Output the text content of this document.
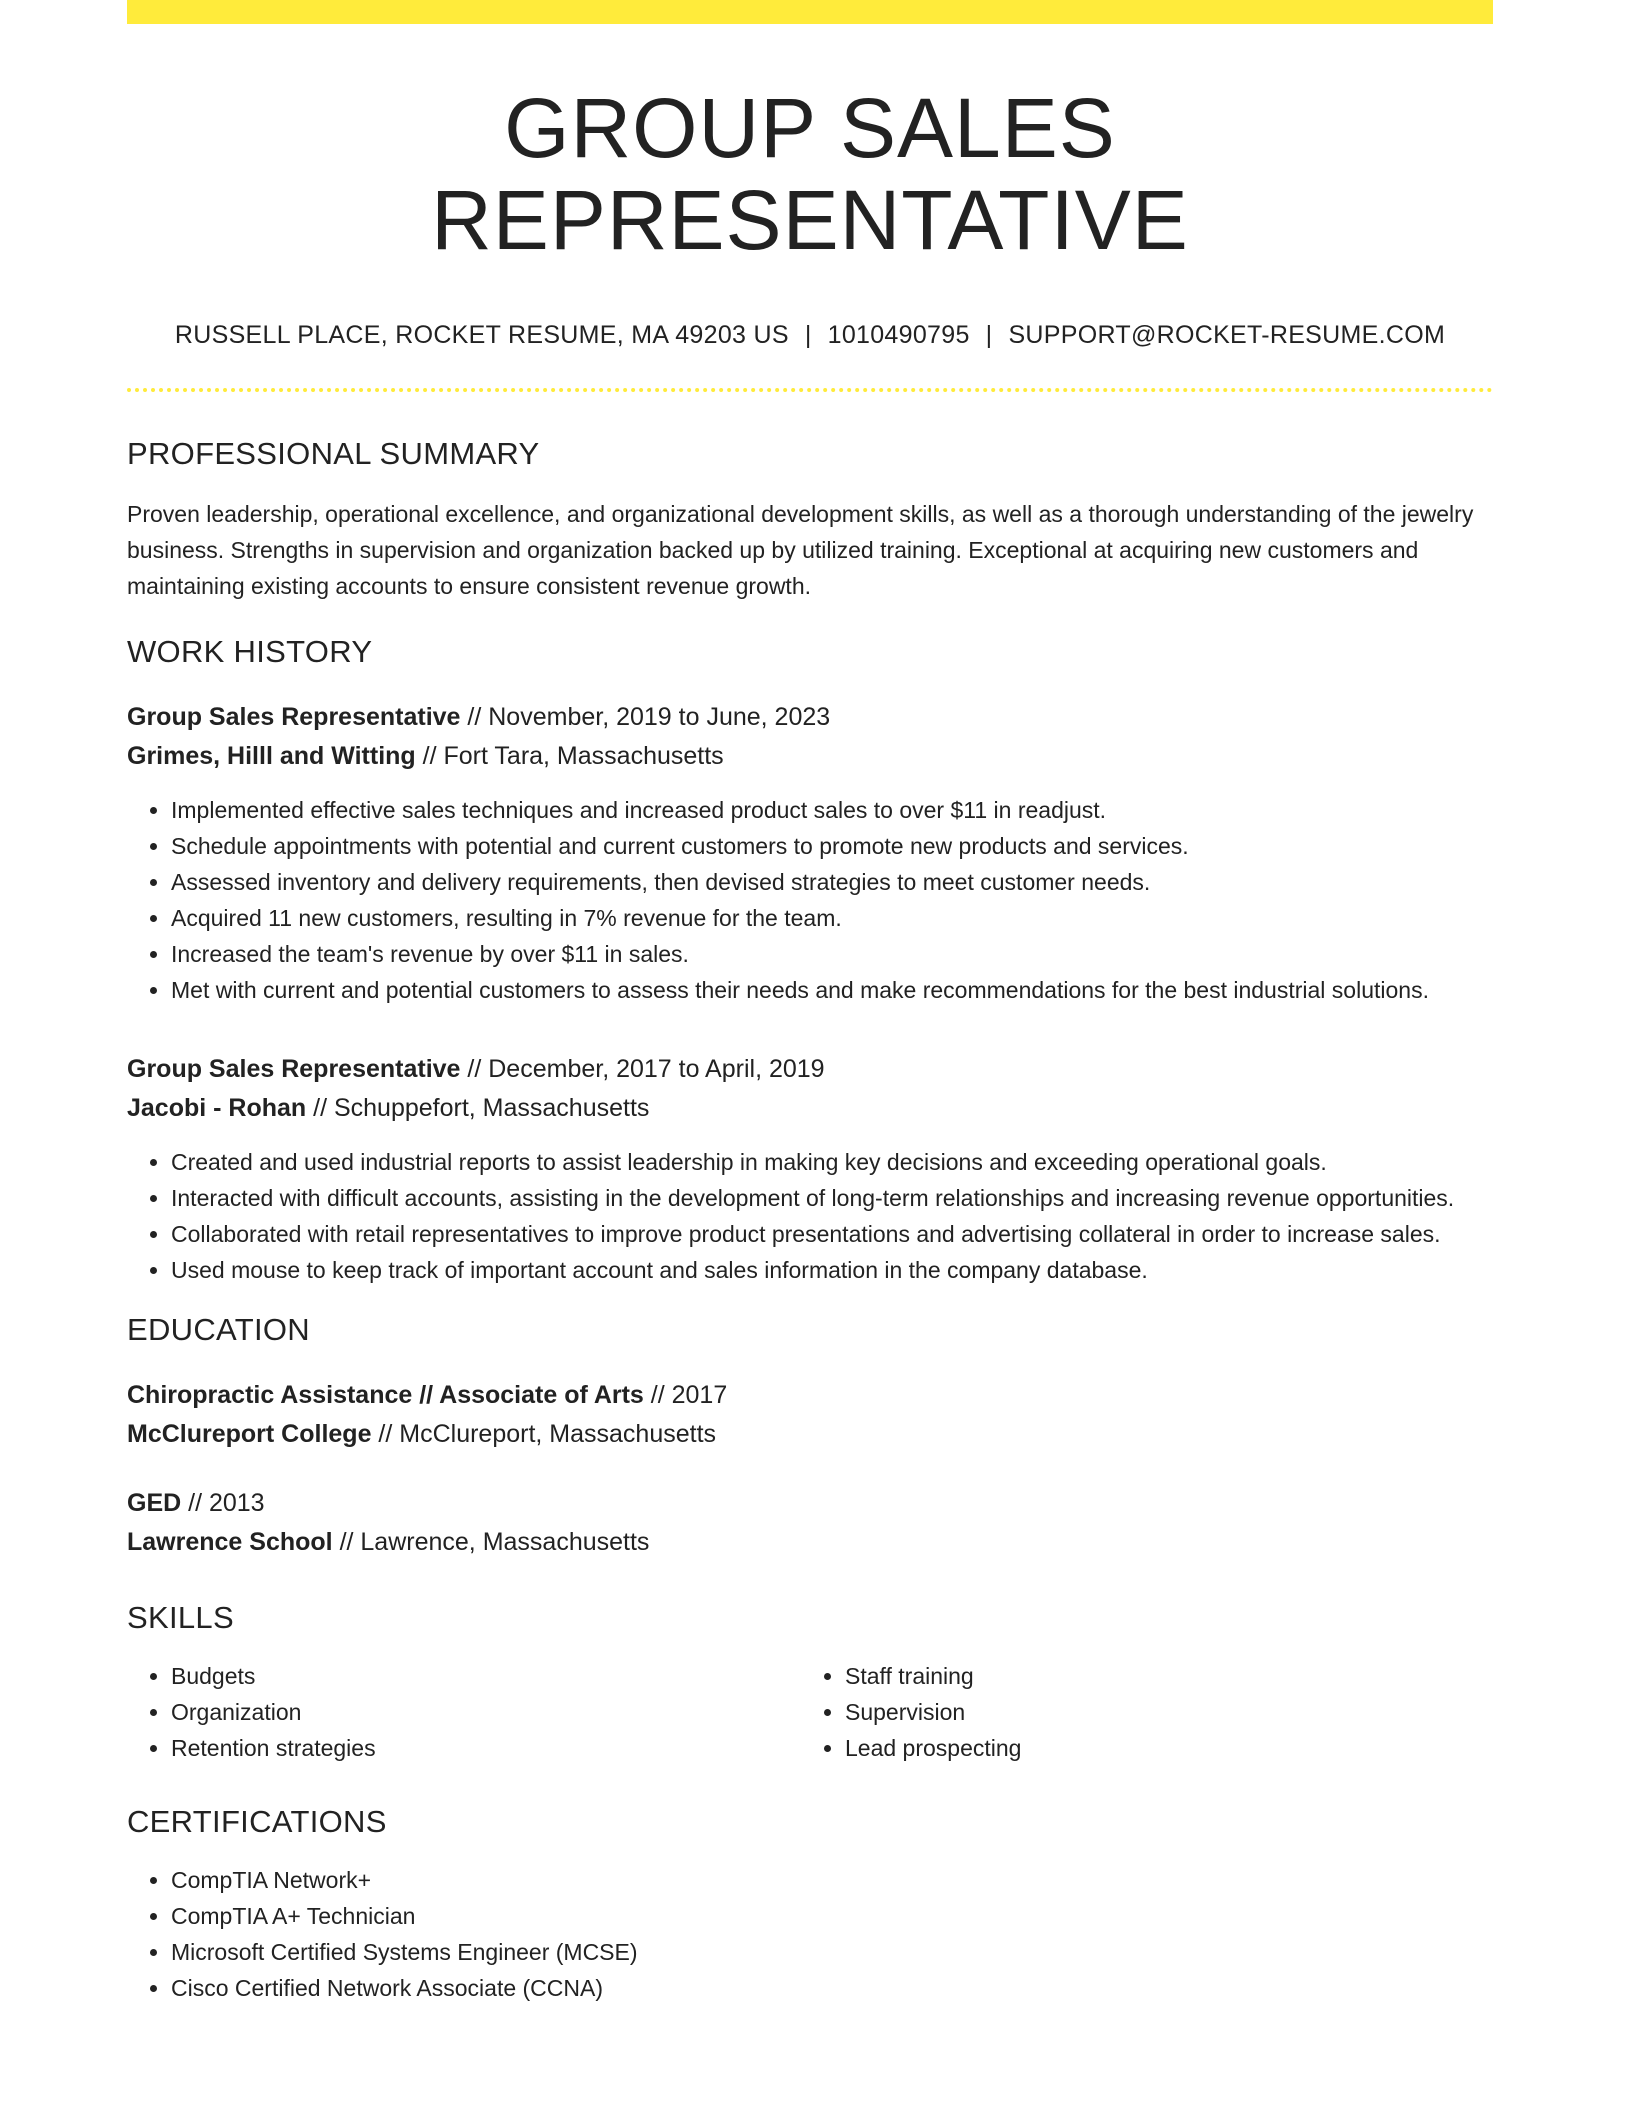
GROUP SALES REPRESENTATIVE
RUSSELL PLACE, ROCKET RESUME, MA 49203 US | 1010490795 | SUPPORT@ROCKET-RESUME.COM
PROFESSIONAL SUMMARY
Proven leadership, operational excellence, and organizational development skills, as well as a thorough understanding of the jewelry business. Strengths in supervision and organization backed up by utilized training. Exceptional at acquiring new customers and maintaining existing accounts to ensure consistent revenue growth.
WORK HISTORY
Group Sales Representative // November, 2019 to June, 2023
Grimes, Hilll and Witting // Fort Tara, Massachusetts
• Implemented effective sales techniques and increased product sales to over $11 in readjust.
• Schedule appointments with potential and current customers to promote new products and services.
• Assessed inventory and delivery requirements, then devised strategies to meet customer needs.
• Acquired 11 new customers, resulting in 7% revenue for the team.
• Increased the team's revenue by over $11 in sales.
• Met with current and potential customers to assess their needs and make recommendations for the best industrial solutions.
Group Sales Representative // December, 2017 to April, 2019
Jacobi - Rohan // Schuppefort, Massachusetts
• Created and used industrial reports to assist leadership in making key decisions and exceeding operational goals.
• Interacted with difficult accounts, assisting in the development of long-term relationships and increasing revenue opportunities.
• Collaborated with retail representatives to improve product presentations and advertising collateral in order to increase sales.
• Used mouse to keep track of important account and sales information in the company database.
EDUCATION
Chiropractic Assistance // Associate of Arts // 2017
McClureport College // McClureport, Massachusetts
GED // 2013
Lawrence School // Lawrence, Massachusetts
SKILLS
• Budgets
• Organization
• Retention strategies
• Staff training
• Supervision
• Lead prospecting
CERTIFICATIONS
• CompTIA Network+
• CompTIA A+ Technician
• Microsoft Certified Systems Engineer (MCSE)
• Cisco Certified Network Associate (CCNA)
